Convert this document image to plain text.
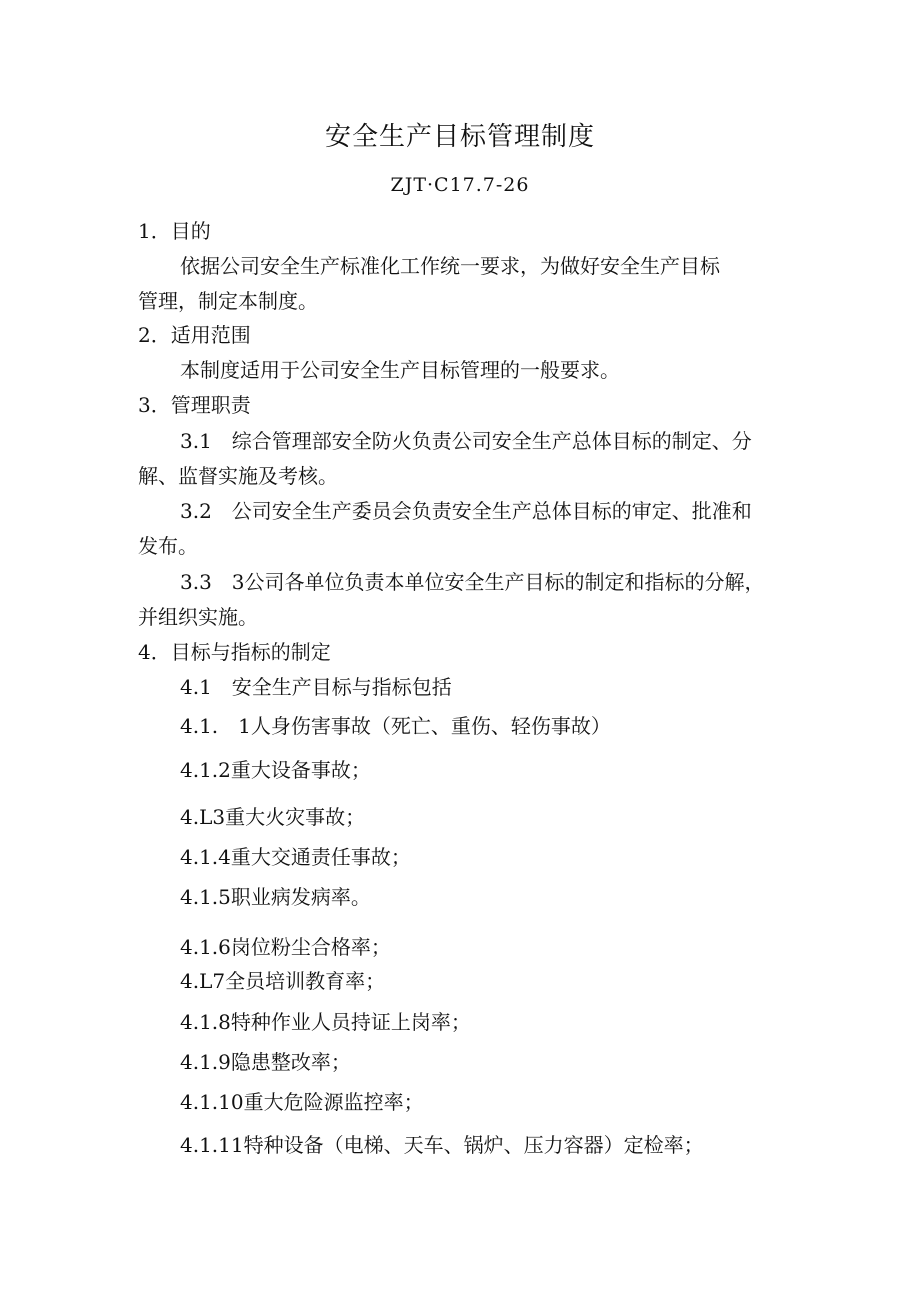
安全生产目标管理制度
ZJT·C17.7-26
1．目的
依据公司安全生产标准化工作统一要求，为做好安全生产目标
管理，制定本制度。
2．适用范围
本制度适用于公司安全生产目标管理的一般要求。
3．管理职责
3.1　综合管理部安全防火负责公司安全生产总体目标的制定、分
解、监督实施及考核。
3.2　公司安全生产委员会负责安全生产总体目标的审定、批准和
发布。
3.3　3公司各单位负责本单位安全生产目标的制定和指标的分解，
并组织实施。
4．目标与指标的制定
4.1　安全生产目标与指标包括
4.1.　1人身伤害事故（死亡、重伤、轻伤事故）
4.1.2重大设备事故；
4.L3重大火灾事故；
4.1.4重大交通责任事故；
4.1.5职业病发病率。
4.1.6岗位粉尘合格率；
4.L7全员培训教育率；
4.1.8特种作业人员持证上岗率；
4.1.9隐患整改率；
4.1.10重大危险源监控率；
4.1.11特种设备（电梯、天车、锅炉、压力容器）定检率；
